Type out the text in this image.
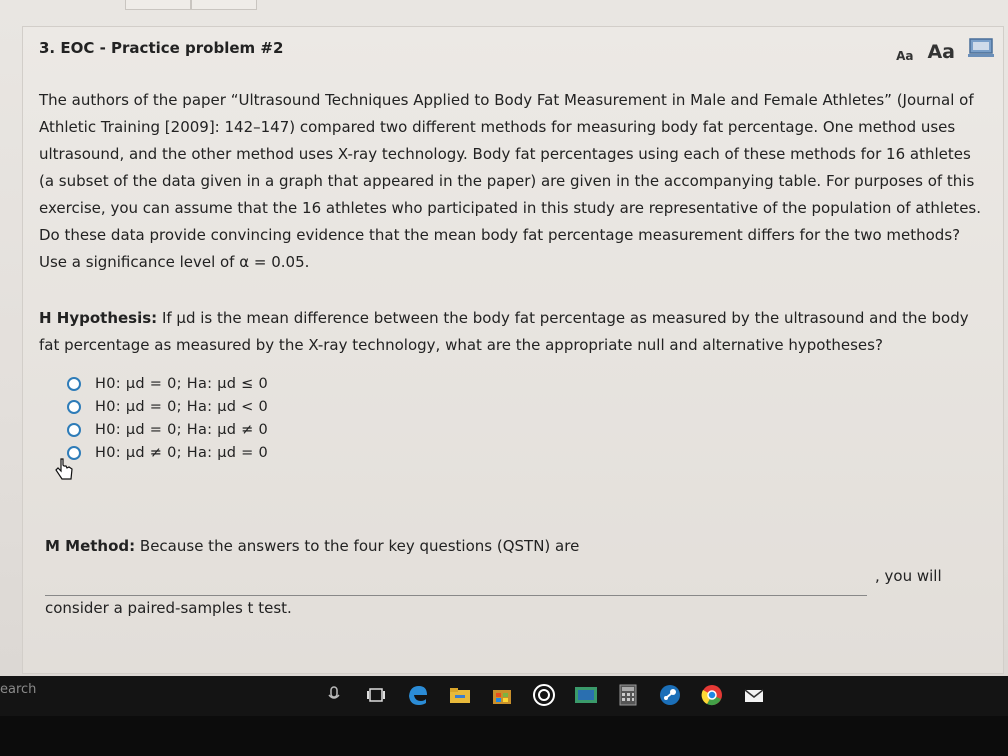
3. EOC - Practice problem #2	Aa Aa
The authors of the paper “Ultrasound Techniques Applied to Body Fat Measurement in Male and Female Athletes” (Journal of Athletic Training [2009]: 142–147) compared two different methods for measuring body fat percentage. One method uses ultrasound, and the other method uses X-ray technology. Body fat percentages using each of these methods for 16 athletes (a subset of the data given in a graph that appeared in the paper) are given in the accompanying table. For purposes of this exercise, you can assume that the 16 athletes who participated in this study are representative of the population of athletes. Do these data provide convincing evidence that the mean body fat percentage measurement differs for the two methods? Use a significance level of α = 0.05.
H Hypothesis: If μd is the mean difference between the body fat percentage as measured by the ultrasound and the body fat percentage as measured by the X-ray technology, what are the appropriate null and alternative hypotheses?
H0: μd = 0; Ha: μd ≤ 0
H0: μd = 0; Ha: μd < 0
H0: μd = 0; Ha: μd ≠ 0
H0: μd ≠ 0; Ha: μd = 0
M Method: Because the answers to the four key questions (QSTN) are
, you will
consider a paired-samples t test.
earch
